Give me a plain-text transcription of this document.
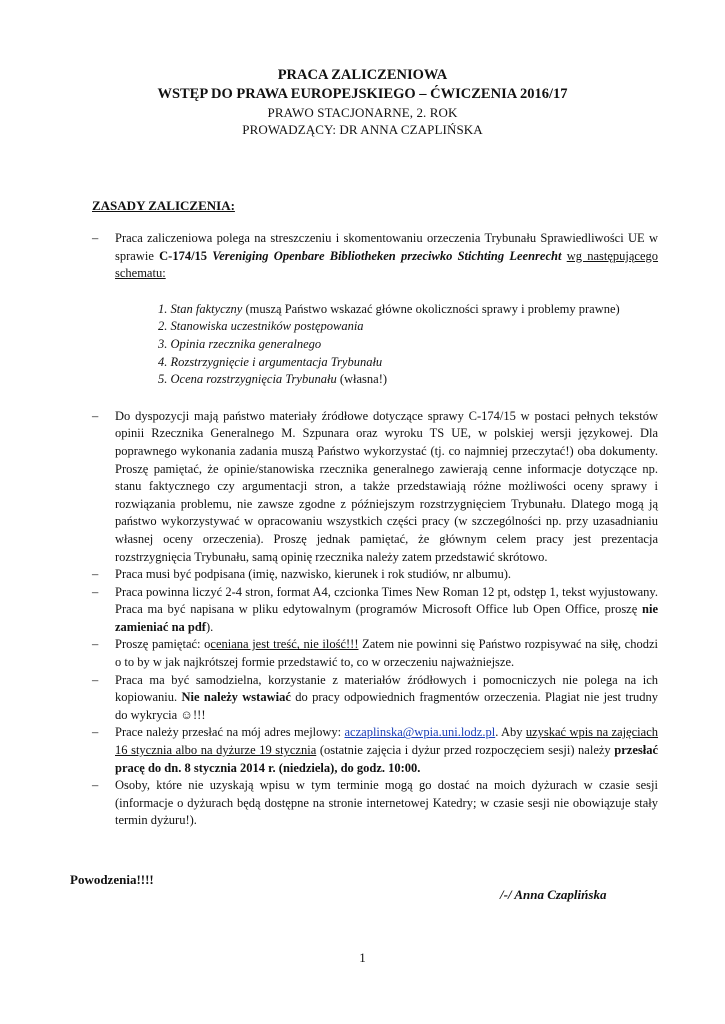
PRACA ZALICZENIOWA
WSTĘP DO PRAWA EUROPEJSKIEGO – ĆWICZENIA 2016/17
PRAWO STACJONARNE, 2. ROK
PROWADZĄCY: DR ANNA CZAPLIŃSKA
ZASADY ZALICZENIA:
– Praca zaliczeniowa polega na streszczeniu i skomentowaniu orzeczenia Trybunału Sprawiedliwości UE w sprawie C-174/15 Vereniging Openbare Bibliotheken przeciwko Stichting Leenrecht wg następującego schematu:
1. Stan faktyczny (muszą Państwo wskazać główne okoliczności sprawy i problemy prawne)
2. Stanowiska uczestników postępowania
3. Opinia rzecznika generalnego
4. Rozstrzygnięcie i argumentacja Trybunału
5. Ocena rozstrzygnięcia Trybunału (własna!)
– Do dyspozycji mają państwo materiały źródłowe dotyczące sprawy C-174/15 w postaci pełnych tekstów opinii Rzecznika Generalnego M. Szpunara oraz wyroku TS UE, w polskiej wersji językowej. Dla poprawnego wykonania zadania muszą Państwo wykorzystać (tj. co najmniej przeczytać!) oba dokumenty. Proszę pamiętać, że opinie/stanowiska rzecznika generalnego zawierają cenne informacje dotyczące np. stanu faktycznego czy argumentacji stron, a także przedstawiają różne możliwości oceny sprawy i rozwiązania problemu, nie zawsze zgodne z późniejszym rozstrzygnięciem Trybunału. Dlatego mogą ją państwo wykorzystywać w opracowaniu wszystkich części pracy (w szczególności np. przy uzasadnianiu własnej oceny orzeczenia). Proszę jednak pamiętać, że głównym celem pracy jest prezentacja rozstrzygnięcia Trybunału, samą opinię rzecznika należy zatem przedstawić skrótowo.
– Praca musi być podpisana (imię, nazwisko, kierunek i rok studiów, nr albumu).
– Praca powinna liczyć 2-4 stron, format A4, czcionka Times New Roman 12 pt, odstęp 1, tekst wyjustowany. Praca ma być napisana w pliku edytowalnym (programów Microsoft Office lub Open Office, proszę nie zamieniać na pdf).
– Proszę pamiętać: oceniana jest treść, nie ilość!!! Zatem nie powinni się Państwo rozpisywać na siłę, chodzi o to by w jak najkrótszej formie przedstawić to, co w orzeczeniu najważniejsze.
– Praca ma być samodzielna, korzystanie z materiałów źródłowych i pomocniczych nie polega na ich kopiowaniu. Nie należy wstawiać do pracy odpowiednich fragmentów orzeczenia. Plagiat nie jest trudny do wykrycia ☺!!!
– Prace należy przesłać na mój adres mejlowy: aczaplinska@wpia.uni.lodz.pl. Aby uzyskać wpis na zajęciach 16 stycznia albo na dyżurze 19 stycznia (ostatnie zajęcia i dyżur przed rozpoczęciem sesji) należy przesłać pracę do dn. 8 stycznia 2014 r. (niedziela), do godz. 10:00.
– Osoby, które nie uzyskają wpisu w tym terminie mogą go dostać na moich dyżurach w czasie sesji (informacje o dyżurach będą dostępne na stronie internetowej Katedry; w czasie sesji nie obowiązuje stały termin dyżuru!).
Powodzenia!!!!
/-/ Anna Czaplińska
1
